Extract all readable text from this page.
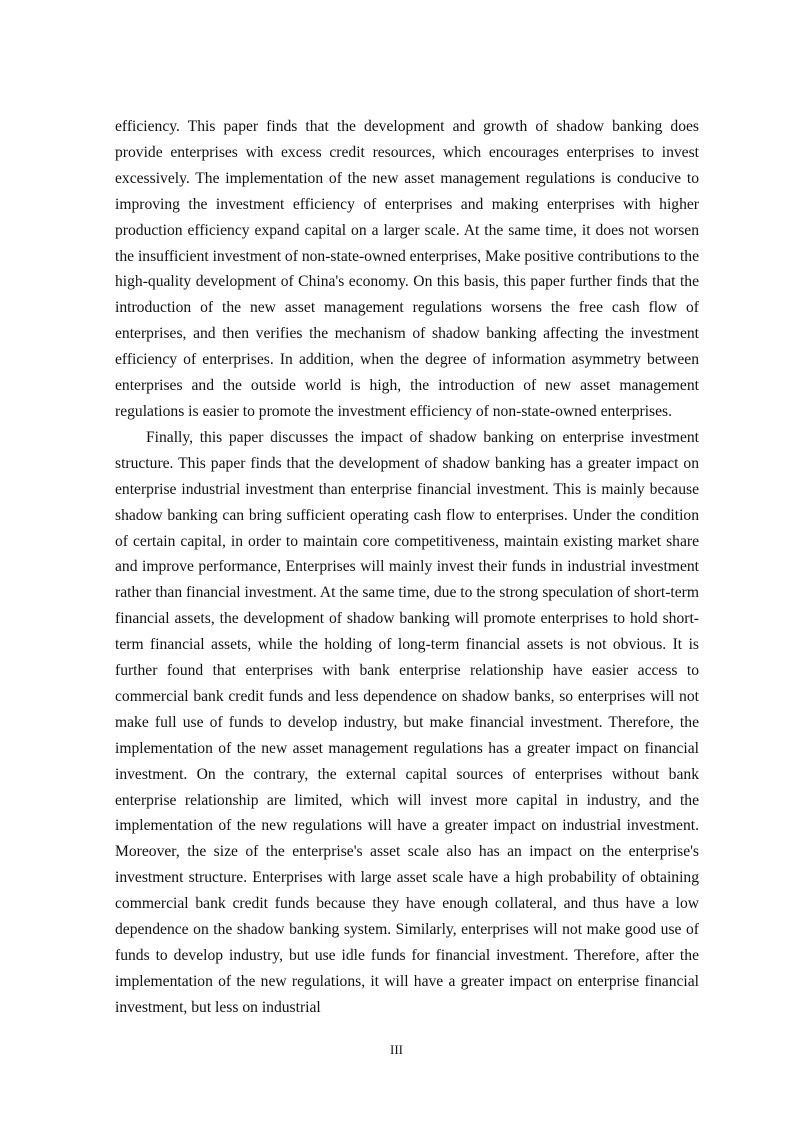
efficiency. This paper finds that the development and growth of shadow banking does provide enterprises with excess credit resources, which encourages enterprises to invest excessively. The implementation of the new asset management regulations is conducive to improving the investment efficiency of enterprises and making enterprises with higher production efficiency expand capital on a larger scale. At the same time, it does not worsen the insufficient investment of non-state-owned enterprises, Make positive contributions to the high-quality development of China's economy. On this basis, this paper further finds that the introduction of the new asset management regulations worsens the free cash flow of enterprises, and then verifies the mechanism of shadow banking affecting the investment efficiency of enterprises. In addition, when the degree of information asymmetry between enterprises and the outside world is high, the introduction of new asset management regulations is easier to promote the investment efficiency of non-state-owned enterprises.

Finally, this paper discusses the impact of shadow banking on enterprise investment structure. This paper finds that the development of shadow banking has a greater impact on enterprise industrial investment than enterprise financial investment. This is mainly because shadow banking can bring sufficient operating cash flow to enterprises. Under the condition of certain capital, in order to maintain core competitiveness, maintain existing market share and improve performance, Enterprises will mainly invest their funds in industrial investment rather than financial investment. At the same time, due to the strong speculation of short-term financial assets, the development of shadow banking will promote enterprises to hold short-term financial assets, while the holding of long-term financial assets is not obvious. It is further found that enterprises with bank enterprise relationship have easier access to commercial bank credit funds and less dependence on shadow banks, so enterprises will not make full use of funds to develop industry, but make financial investment. Therefore, the implementation of the new asset management regulations has a greater impact on financial investment. On the contrary, the external capital sources of enterprises without bank enterprise relationship are limited, which will invest more capital in industry, and the implementation of the new regulations will have a greater impact on industrial investment. Moreover, the size of the enterprise's asset scale also has an impact on the enterprise's investment structure. Enterprises with large asset scale have a high probability of obtaining commercial bank credit funds because they have enough collateral, and thus have a low dependence on the shadow banking system. Similarly, enterprises will not make good use of funds to develop industry, but use idle funds for financial investment. Therefore, after the implementation of the new regulations, it will have a greater impact on enterprise financial investment, but less on industrial

III
